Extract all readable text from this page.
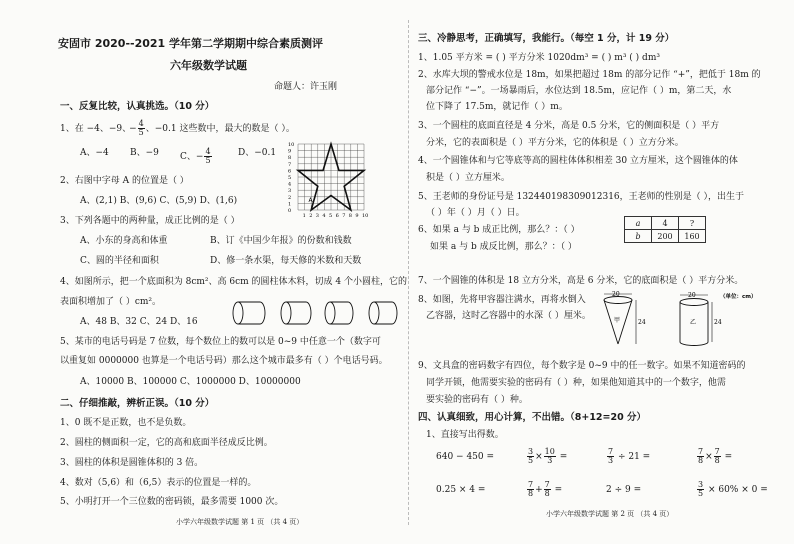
安固市 2020--2021 学年第二学期期中综合素质测评
六年级数学试题
命题人：许玉刚
一、反复比较，认真挑选。（10 分）
1、在 −4、−9、− $\frac{4}{5}$ 、−0.1 这些数中，最大的数是（ ）。
A、−4 B、−9 C、− $\frac{4}{5}$	D、−0.1
10
9
8
7
6
5
4
3
2
1
0
1 2 3 4 5 6 7 8 9 10
A
2、右图中字母 A 的位置是（ ）
A、(2,1) B、(9,6) C、(5,9) D、(1,6)
3、下列各题中的两种量，成正比例的是（ ）
A、小东的身高和体重	B、订《中国少年报》的份数和钱数
C、圆的半径和面积	D、修一条水渠，每天修的米数和天数
4、如图所示，把一个底面积为 8cm²、高 6cm 的圆柱体木料，切成 4 个小圆柱，它的
表面积增加了（ ）cm²。
A、48 B、32 C、24 D、16
5、某市的电话号码是 7 位数，每个数位上的数可以是 0~9 中任意一个（数字可
以重复如 0000000 也算是一个电话号码）那么这个城市最多有（ ）个电话号码。
A、10000 B、100000 C、1000000 D、10000000
二、仔细推敲，辨析正误。（10 分）
1、0 既不是正数，也不是负数。
2、圆柱的侧面积一定，它的高和底面半径成反比例。
3、圆柱的体积是圆锥体积的 3 倍。
4、数对（5,6）和（6,5）表示的位置是一样的。
5、小明打开一个三位数的密码锁，最多需要 1000 次。
小学六年级数学试题 第 1 页 （共 4 页）
三、冷静思考，正确填写，我能行。（每空 1 分，计 19 分）
1、1.05 平方米 = ( ) 平方分米 1020dm³ = ( ) m³ ( ) dm³
2、水库大坝的警戒水位是 18m，如果把超过 18m 的部分记作 “+”，把低于 18m 的
部分记作 “−”。一场暴雨后，水位达到 18.5m，应记作（ ）m，第二天，水
位下降了 17.5m，就记作（ ）m。
3、一个圆柱的底面直径是 4 分米，高是 0.5 分米，它的侧面积是（ ）平方
分米，它的表面积是（ ）平方分米，它的体积是（ ）立方分米。
4、一个圆锥体和与它等底等高的圆柱体体积相差 30 立方厘米，这个圆锥体的体
积是（ ）立方厘米。
5、王老师的身份证号是 132440198309012316，王老师的性别是（ ），出生于
（ ）年（ ）月（ ）日。
6、如果 a 与 b 成正比例，那么？：（ ）
如果 a 与 b 成反比例，那么？：（ ）
a	4	?
b	200	160
7、一个圆锥的体积是 18 立方分米，高是 6 分米，它的底面积是（ ）平方分米。
8、如图，先将甲容器注满水，再将水倒入
乙容器，这时乙容器中的水深（ ）厘米。
20
24
甲
20
24
乙
（单位：cm）
9、文具盒的密码数字有四位，每个数字是 0~9 中的任一数字。如果不知道密码的
同学开锁，他需要实验的密码有（ ）种，如果他知道其中的一个数字，他需
要实验的密码有（ ）种。
四、认真细致，用心计算，不出错。（8+12=20 分）
1、直接写出得数。
640 − 450 =	$\frac{3}{5} \times \frac{10}{3}$ =	$\frac{7}{3} \div 21$ =	$\frac{7}{8} \times \frac{7}{8}$ =
0.25 × 4 =	$\frac{7}{8} + \frac{7}{8}$ =	2 ÷ 9 =	$\frac{3}{5} \times 60\% \times 0$ =
小学六年级数学试题 第 2 页 （共 4 页）
